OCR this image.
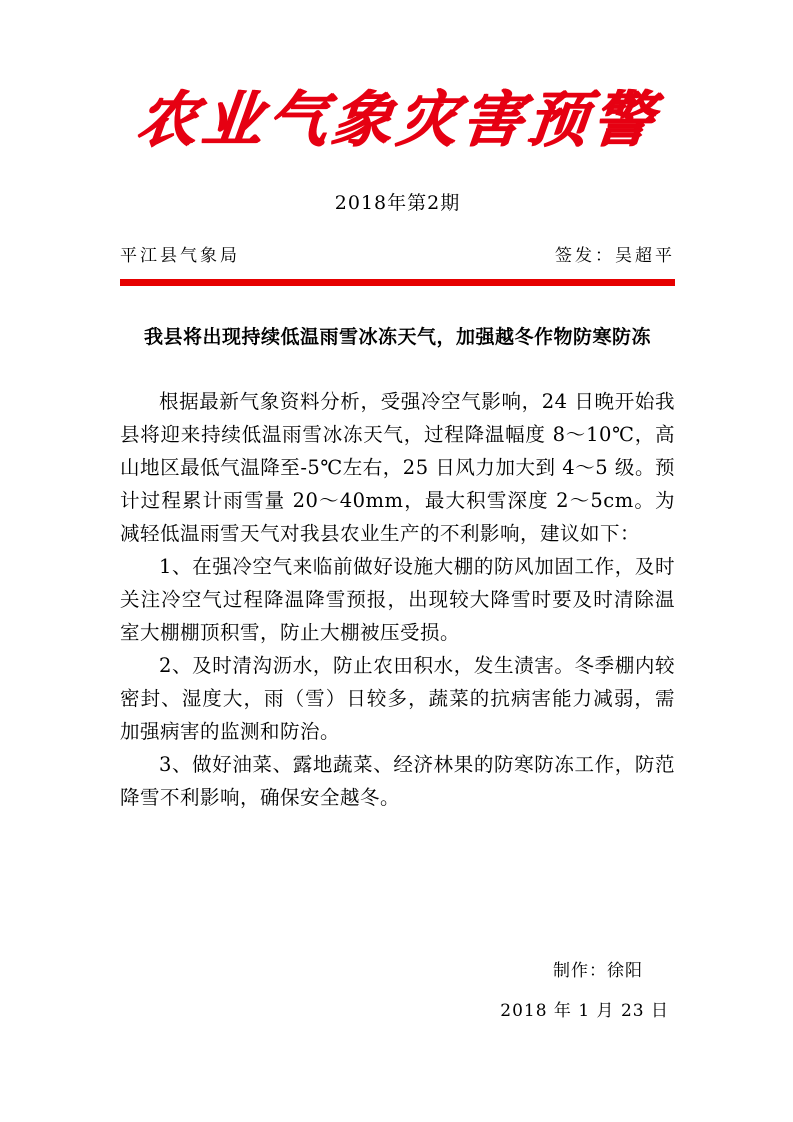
农业气象灾害预警
2018年第2期
平江县气象局	签发：吴超平
我县将出现持续低温雨雪冰冻天气，加强越冬作物防寒防冻

根据最新气象资料分析，受强冷空气影响，24 日晚开始我县将迎来持续低温雨雪冰冻天气，过程降温幅度 8～10℃，高山地区最低气温降至-5℃左右，25 日风力加大到 4～5 级。预计过程累计雨雪量 20～40mm，最大积雪深度 2～5cm。为减轻低温雨雪天气对我县农业生产的不利影响，建议如下：

1、在强冷空气来临前做好设施大棚的防风加固工作，及时关注冷空气过程降温降雪预报，出现较大降雪时要及时清除温室大棚棚顶积雪，防止大棚被压受损。

2、及时清沟沥水，防止农田积水，发生渍害。冬季棚内较密封、湿度大，雨（雪）日较多，蔬菜的抗病害能力减弱，需加强病害的监测和防治。

3、做好油菜、露地蔬菜、经济林果的防寒防冻工作，防范降雪不利影响，确保安全越冬。

制作：徐阳
2018 年 1 月 23 日
